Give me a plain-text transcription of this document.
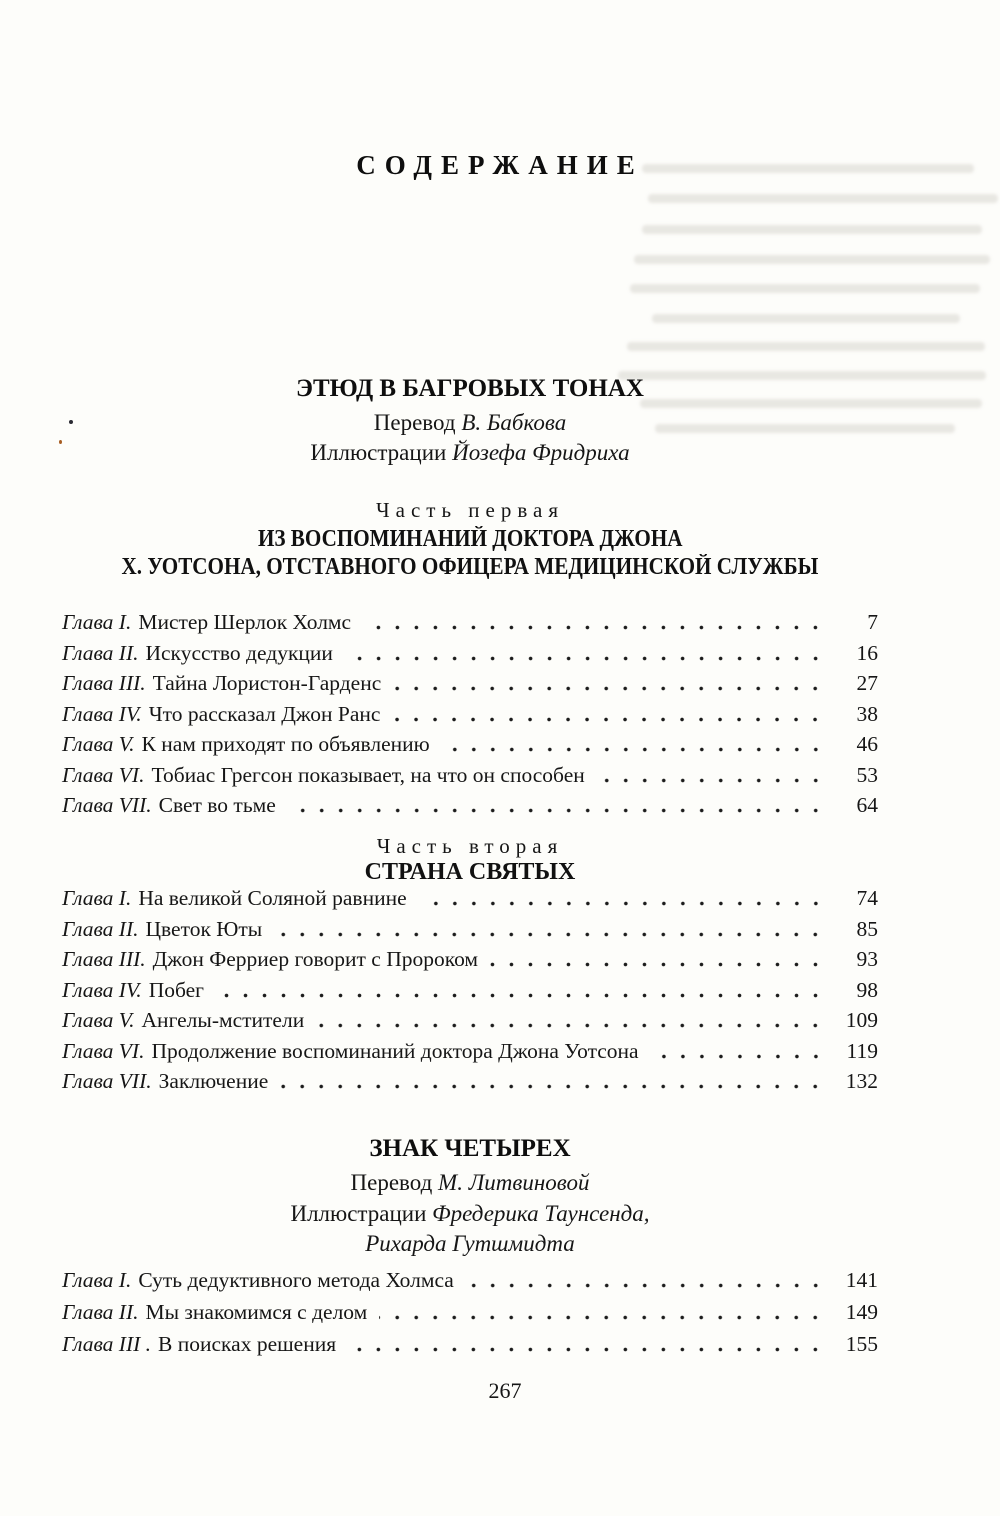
СОДЕРЖАНИЕ
ЭТЮД В БАГРОВЫХ ТОНАХ

Перевод В. Бабкова

Иллюстрации Йозефа Фридриха

Часть первая

ИЗ ВОСПОМИНАНИЙ ДОКТОРА ДЖОНА

Х. УОТСОНА, ОТСТАВНОГО ОФИЦЕРА МЕДИЦИНСКОЙ СЛУЖБЫ

Глава I. Мистер Шерлок Холмс	7
Глава II. Искусство дедукции	16
Глава III. Тайна Лористон-Гарденс	27
Глава IV. Что рассказал Джон Ранс	38
Глава V. К нам приходят по объявлению	46
Глава VI. Тобиас Грегсон показывает, на что он способен	53
Глава VII. Свет во тьме	64

Часть вторая

СТРАНА СВЯТЫХ

Глава I. На великой Соляной равнине	74
Глава II. Цветок Юты	85
Глава III. Джон Ферриер говорит с Пророком	93
Глава IV. Побег	98
Глава V. Ангелы-мстители	109
Глава VI. Продолжение воспоминаний доктора Джона Уотсона	119
Глава VII. Заключение	132
ЗНАК ЧЕТЫРЕХ

Перевод М. Литвиновой

Иллюстрации Фредерика Таунсенда,

Рихарда Гутшмидта

Глава I. Суть дедуктивного метода Холмса	141
Глава II. Мы знакомимся с делом	149
Глава III . В поисках решения	155
267
